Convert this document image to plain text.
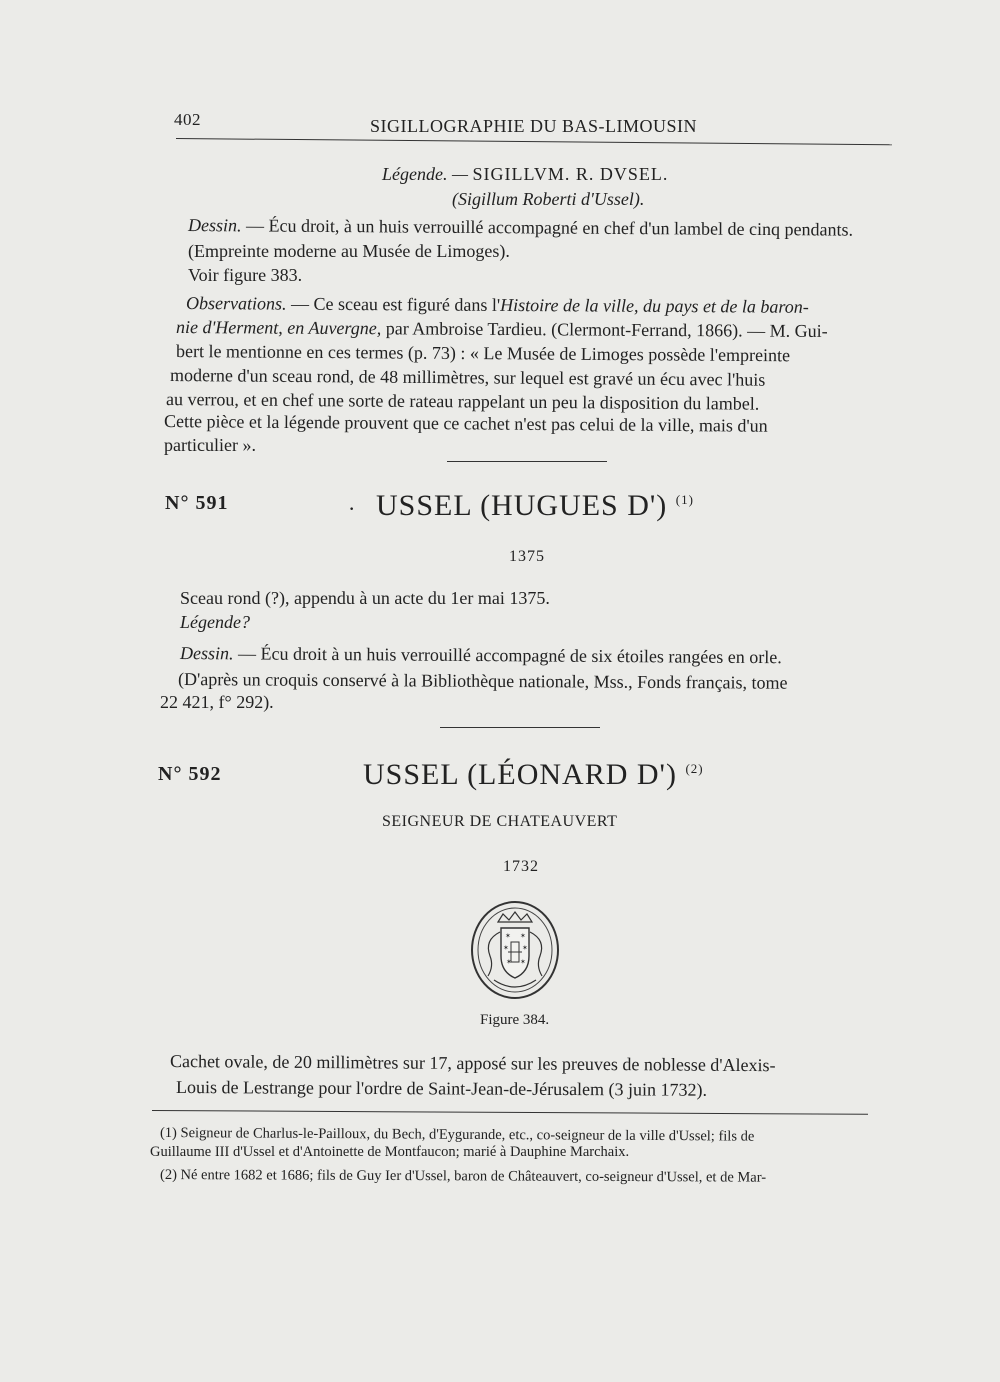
402	SIGILLOGRAPHIE DU BAS-LIMOUSIN
Légende. — SIGILLVM. R. DVSEL.
(Sigillum Roberti d'Ussel).
Dessin. — Écu droit, à un huis verrouillé accompagné en chef d'un lambel de cinq pendants.
(Empreinte moderne au Musée de Limoges).
Voir figure 383.
Observations. — Ce sceau est figuré dans l'Histoire de la ville, du pays et de la baron-
nie d'Herment, en Auvergne, par Ambroise Tardieu. (Clermont-Ferrand, 1866). — M. Gui-
bert le mentionne en ces termes (p. 73) : « Le Musée de Limoges possède l'empreinte
moderne d'un sceau rond, de 48 millimètres, sur lequel est gravé un écu avec l'huis
au verrou, et en chef une sorte de rateau rappelant un peu la disposition du lambel.
Cette pièce et la légende prouvent que ce cachet n'est pas celui de la ville, mais d'un
particulier ».
N° 591	· USSEL (HUGUES D') $^{(1)}$
1375
Sceau rond (?), appendu à un acte du 1er mai 1375.
Légende?
Dessin. — Écu droit à un huis verrouillé accompagné de six étoiles rangées en orle.
(D'après un croquis conservé à la Bibliothèque nationale, Mss., Fonds français, tome
22 421, f° 292).
N° 592	USSEL (LÉONARD D') $^{(2)}$
SEIGNEUR DE CHATEAUVERT
1732
✶ ✶
✶ ✶
✶ ✶
Figure 384.
Cachet ovale, de 20 millimètres sur 17, apposé sur les preuves de noblesse d'Alexis-
Louis de Lestrange pour l'ordre de Saint-Jean-de-Jérusalem (3 juin 1732).
(1) Seigneur de Charlus-le-Pailloux, du Bech, d'Eygurande, etc., co-seigneur de la ville d'Ussel; fils de
Guillaume III d'Ussel et d'Antoinette de Montfaucon; marié à Dauphine Marchaix.
(2) Né entre 1682 et 1686; fils de Guy Ier d'Ussel, baron de Châteauvert, co-seigneur d'Ussel, et de Mar-
